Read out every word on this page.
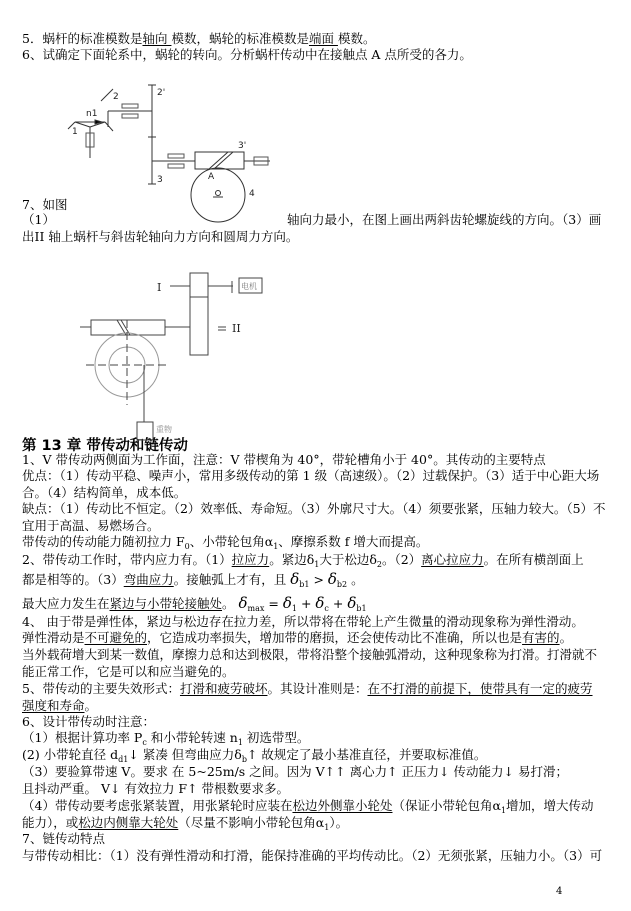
5．蜗杆的标准模数是轴向 模数，蜗轮的标准模数是端面 模数。
6、试确定下面轮系中，蜗轮的转向。分析蜗杆传动中在接触点 A 点所受的各力。
7、如图
（1）	轴向力最小，在图上画出两斜齿轮螺旋线的方向。（3）画
出II 轴上蜗杆与斜齿轮轴向力方向和圆周力方向。
1、V 带传动两侧面为工作面，注意：V 带楔角为 40°，带轮槽角小于 40°。其传动的主要特点
优点：（1）传动平稳、噪声小，常用多级传动的第 1 级（高速级）。（2）过载保护。（3）适于中心距大场
合。（4）结构简单，成本低。
缺点：（1）传动比不恒定。（2）效率低、寿命短。（3）外廓尺寸大。（4）须要张紧，压轴力较大。（5）不
宜用于高温、易燃场合。
带传动的传动能力随初拉力 $F_0$、小带轮包角$\alpha_1$、摩擦系数 f 增大而提高。
2、带传动工作时，带内应力有。（1）拉应力。紧边$\delta_1$大于松边$\delta_2$。（2）离心拉应力。在所有横剖面上
都是相等的。（3）弯曲应力。接触弧上才有，且 $\delta_{b1} > \delta_{b2}$ 。
最大应力发生在紧边与小带轮接触处。 $\delta_{max} = \delta_1 + \delta_c + \delta_{b1}$
4、 由于带是弹性体，紧边与松边存在拉力差，所以带将在带轮上产生微量的滑动现象称为弹性滑动。
弹性滑动是不可避免的，它造成功率损失，增加带的磨损，还会使传动比不准确，所以也是有害的。
当外载荷增大到某一数值，摩擦力总和达到极限，带将沿整个接触弧滑动，这种现象称为打滑。打滑就不
能正常工作，它是可以和应当避免的。
5、带传动的主要失效形式：打滑和疲劳破坏。其设计准则是：在不打滑的前提下，使带具有一定的疲劳
强度和寿命。
6、设计带传动时注意：
（1）根据计算功率 $P_c$ 和小带轮转速 $n_1$ 初选带型。
(2) 小带轮直径 $d_{d1}↓$ 紧凑 但弯曲应力$\delta_b↑$ 故规定了最小基准直径，并要取标准值。
（3）要验算带速 V。要求 在 5~25m/s 之间。因为 V↑↑ 离心力↑ 正压力↓ 传动能力↓ 易打滑；
且抖动严重。 V↓ 有效拉力 F↑ 带根数要求多。
（4）带传动要考虑张紧装置，用张紧轮时应装在松边外侧靠小轮处（保证小带轮包角$\alpha_1$增加，增大传动
能力），或松边内侧靠大轮处（尽量不影响小带轮包角$\alpha_1$）。
7、链传动特点
与带传动相比：（1）没有弹性滑动和打滑，能保持准确的平均传动比。（2）无须张紧，压轴力小。（3）可
第 13 章 带传动和链传动
4
1
n1
2	2'
3
3'
A
4
I
II
电机
重物
